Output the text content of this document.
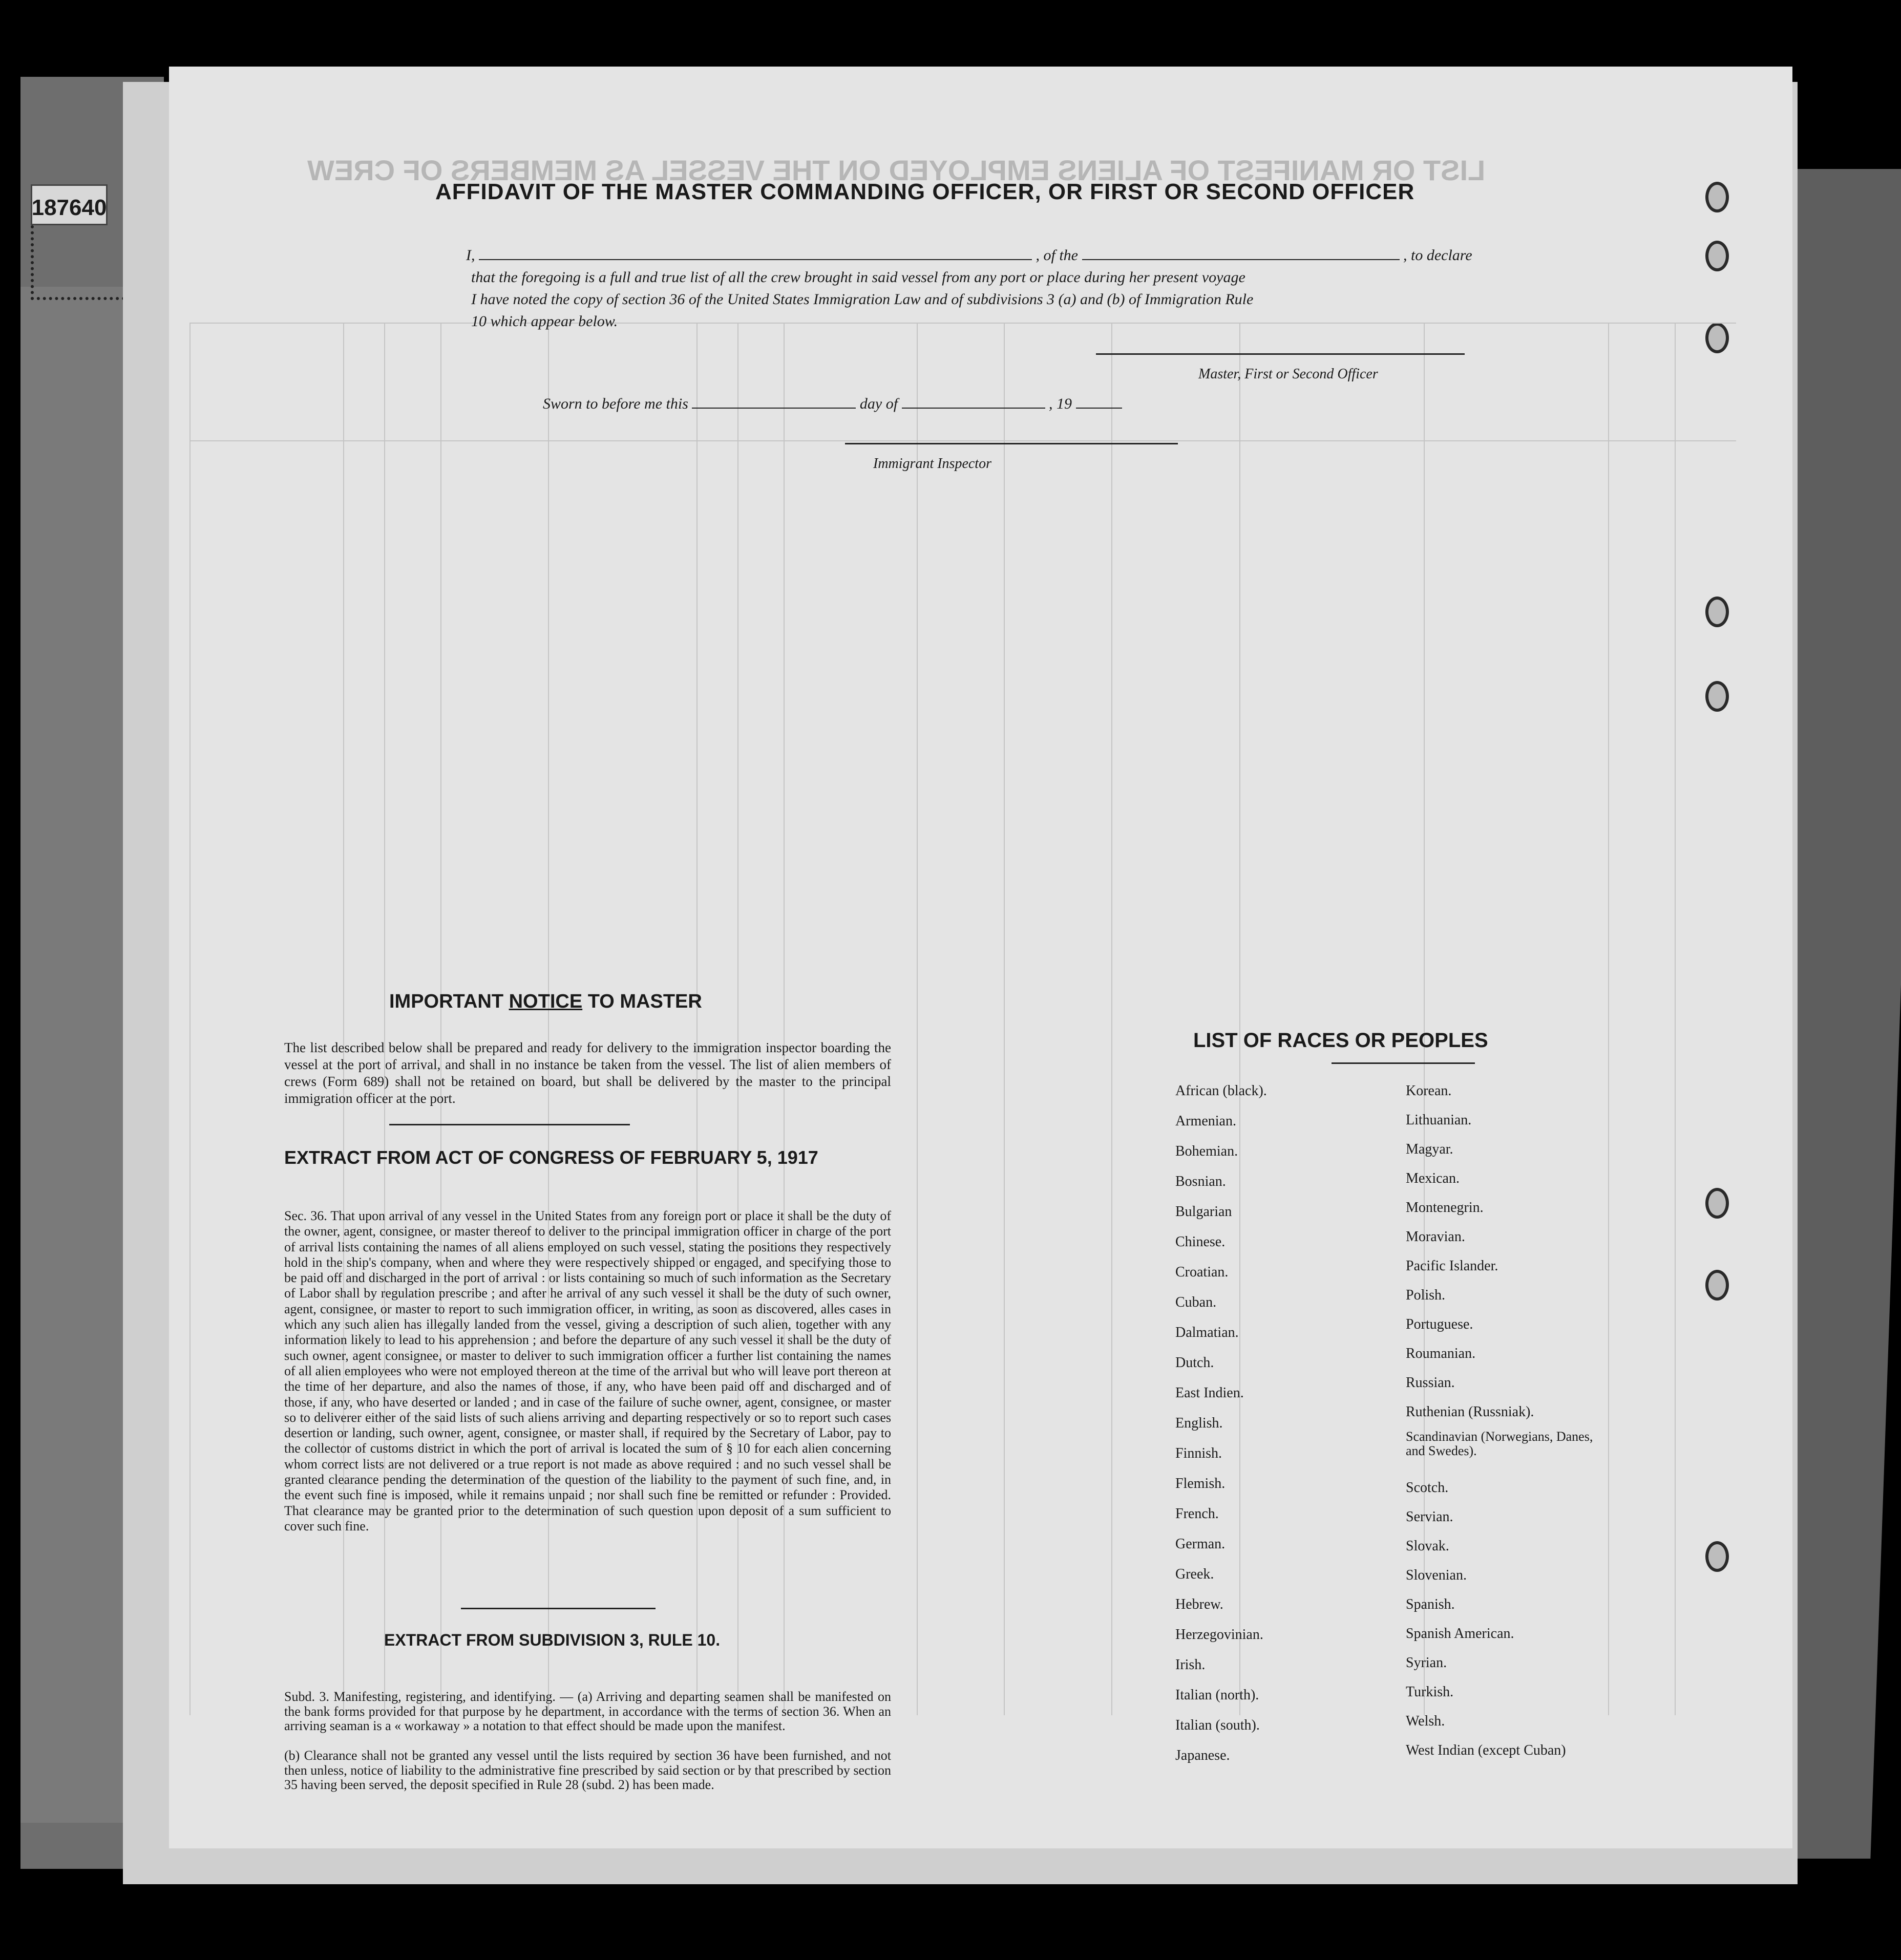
187640
LIST OR MANIFEST OF ALIENS EMPLOYED ON THE VESSEL AS MEMBERS OF CREW
AFFIDAVIT OF THE MASTER COMMANDING OFFICER, OR FIRST OR SECOND OFFICER
I,	, of the	, to declare
that the foregoing is a full and true list of all the crew brought in said vessel from any port or place during her present voyage
I have noted the copy of section 36 of the United States Immigration Law and of subdivisions 3 (a) and (b) of Immigration Rule
10 which appear below.
Master, First or Second Officer
Sworn to before me this	day of	, 19
Immigrant Inspector
IMPORTANT NOTICE TO MASTER
The list described below shall be prepared and ready for delivery to the immigration inspector boarding the vessel at the port of arrival, and shall in no instance be taken from the vessel. The list of alien members of crews (Form 689) shall not be retained on board, but shall be delivered by the master to the principal immigration officer at the port.
EXTRACT FROM ACT OF CONGRESS OF FEBRUARY 5, 1917
Sec. 36. That upon arrival of any vessel in the United States from any foreign port or place it shall be the duty of the owner, agent, consignee, or master thereof to deliver to the principal immigration officer in charge of the port of arrival lists containing the names of all aliens employed on such vessel, stating the positions they respectively hold in the ship's company, when and where they were respectively shipped or engaged, and specifying those to be paid off and discharged in the port of arrival : or lists containing so much of such information as the Secretary of Labor shall by regulation prescribe ; and after he arrival of any such vessel it shall be the duty of such owner, agent, consignee, or master to report to such immigration officer, in writing, as soon as discovered, alles cases in which any such alien has illegally landed from the vessel, giving a description of such alien, together with any information likely to lead to his apprehension ; and before the departure of any such vessel it shall be the duty of such owner, agent consignee, or master to deliver to such immigration officer a further list containing the names of all alien employees who were not employed thereon at the time of the arrival but who will leave port thereon at the time of her departure, and also the names of those, if any, who have been paid off and discharged and of those, if any, who have deserted or landed ; and in case of the failure of suche owner, agent, consignee, or master so to deliverer either of the said lists of such aliens arriving and departing respectively or so to report such cases desertion or landing, such owner, agent, consignee, or master shall, if required by the Secretary of Labor, pay to the collector of customs district in which the port of arrival is located the sum of § 10 for each alien concerning whom correct lists are not delivered or a true report is not made as above required : and no such vessel shall be granted clearance pending the determination of the question of the liability to the payment of such fine, and, in the event such fine is imposed, while it remains unpaid ; nor shall such fine be remitted or refunder : Provided. That clearance may be granted prior to the determination of such question upon deposit of a sum sufficient to cover such fine.
EXTRACT FROM SUBDIVISION 3, RULE 10.
Subd. 3. Manifesting, registering, and identifying. — (a) Arriving and departing seamen shall be manifested on the bank forms provided for that purpose by he department, in accordance with the terms of section 36. When an arriving seaman is a « workaway » a notation to that effect should be made upon the manifest.
(b) Clearance shall not be granted any vessel until the lists required by section 36 have been furnished, and not then unless, notice of liability to the administrative fine prescribed by said section or by that prescribed by section 35 having been served, the deposit specified in Rule 28 (subd. 2) has been made.
LIST OF RACES OR PEOPLES
African (black).
Armenian.
Bohemian.
Bosnian.
Bulgarian
Chinese.
Croatian.
Cuban.
Dalmatian.
Dutch.
East Indien.
English.
Finnish.
Flemish.
French.
German.
Greek.
Hebrew.
Herzegovinian.
Irish.
Italian (north).
Italian (south).
Japanese.
Korean.
Lithuanian.
Magyar.
Mexican.
Montenegrin.
Moravian.
Pacific Islander.
Polish.
Portuguese.
Roumanian.
Russian.
Ruthenian (Russniak).
Scandinavian (Norwegians, Danes, and Swedes).
Scotch.
Servian.
Slovak.
Slovenian.
Spanish.
Spanish American.
Syrian.
Turkish.
Welsh.
West Indian (except Cuban)
